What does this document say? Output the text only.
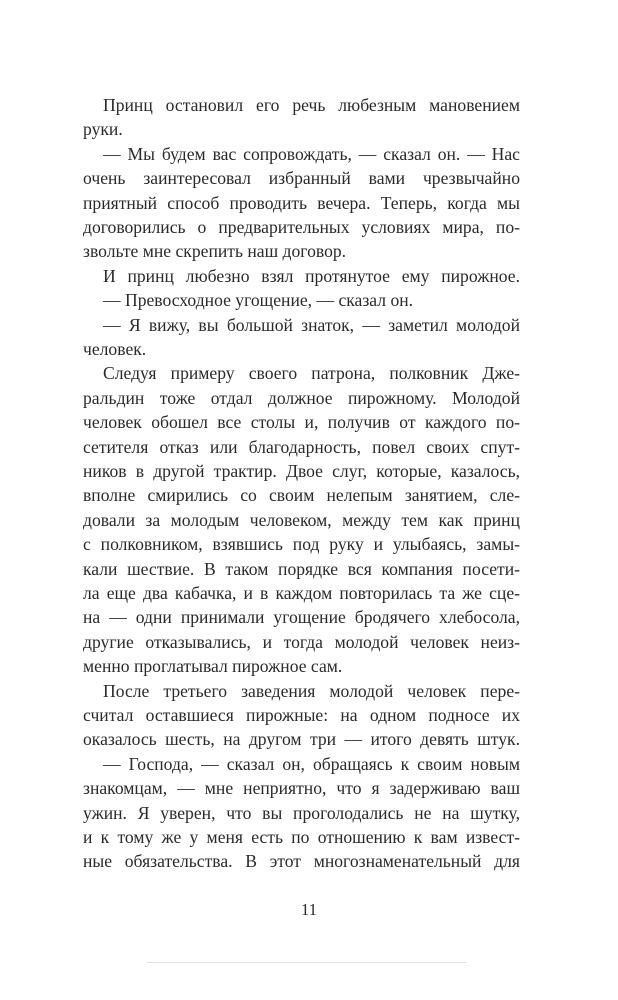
Принц остановил его речь любезным мановением
руки.
— Мы будем вас сопровождать, — сказал он. — Нас
очень заинтересовал избранный вами чрезвычайно
приятный способ проводить вечера. Теперь, когда мы
договорились о предварительных условиях мира, по-
звольте мне скрепить наш договор.
И принц любезно взял протянутое ему пирожное.
— Превосходное угощение, — сказал он.
— Я вижу, вы большой знаток, — заметил молодой
человек.
Следуя примеру своего патрона, полковник Дже-
ральдин тоже отдал должное пирожному. Молодой
человек обошел все столы и, получив от каждого по-
сетителя отказ или благодарность, повел своих спут-
ников в другой трактир. Двое слуг, которые, казалось,
вполне смирились со своим нелепым занятием, сле-
довали за молодым человеком, между тем как принц
с полковником, взявшись под руку и улыбаясь, замы-
кали шествие. В таком порядке вся компания посети-
ла еще два кабачка, и в каждом повторилась та же сце-
на — одни принимали угощение бродячего хлебосола,
другие отказывались, и тогда молодой человек неиз-
менно проглатывал пирожное сам.
После третьего заведения молодой человек пере-
считал оставшиеся пирожные: на одном подносе их
оказалось шесть, на другом три — итого девять штук.
— Господа, — сказал он, обращаясь к своим новым
знакомцам, — мне неприятно, что я задерживаю ваш
ужин. Я уверен, что вы проголодались не на шутку,
и к тому же у меня есть по отношению к вам извест-
ные обязательства. В этот многознаменательный для
11
